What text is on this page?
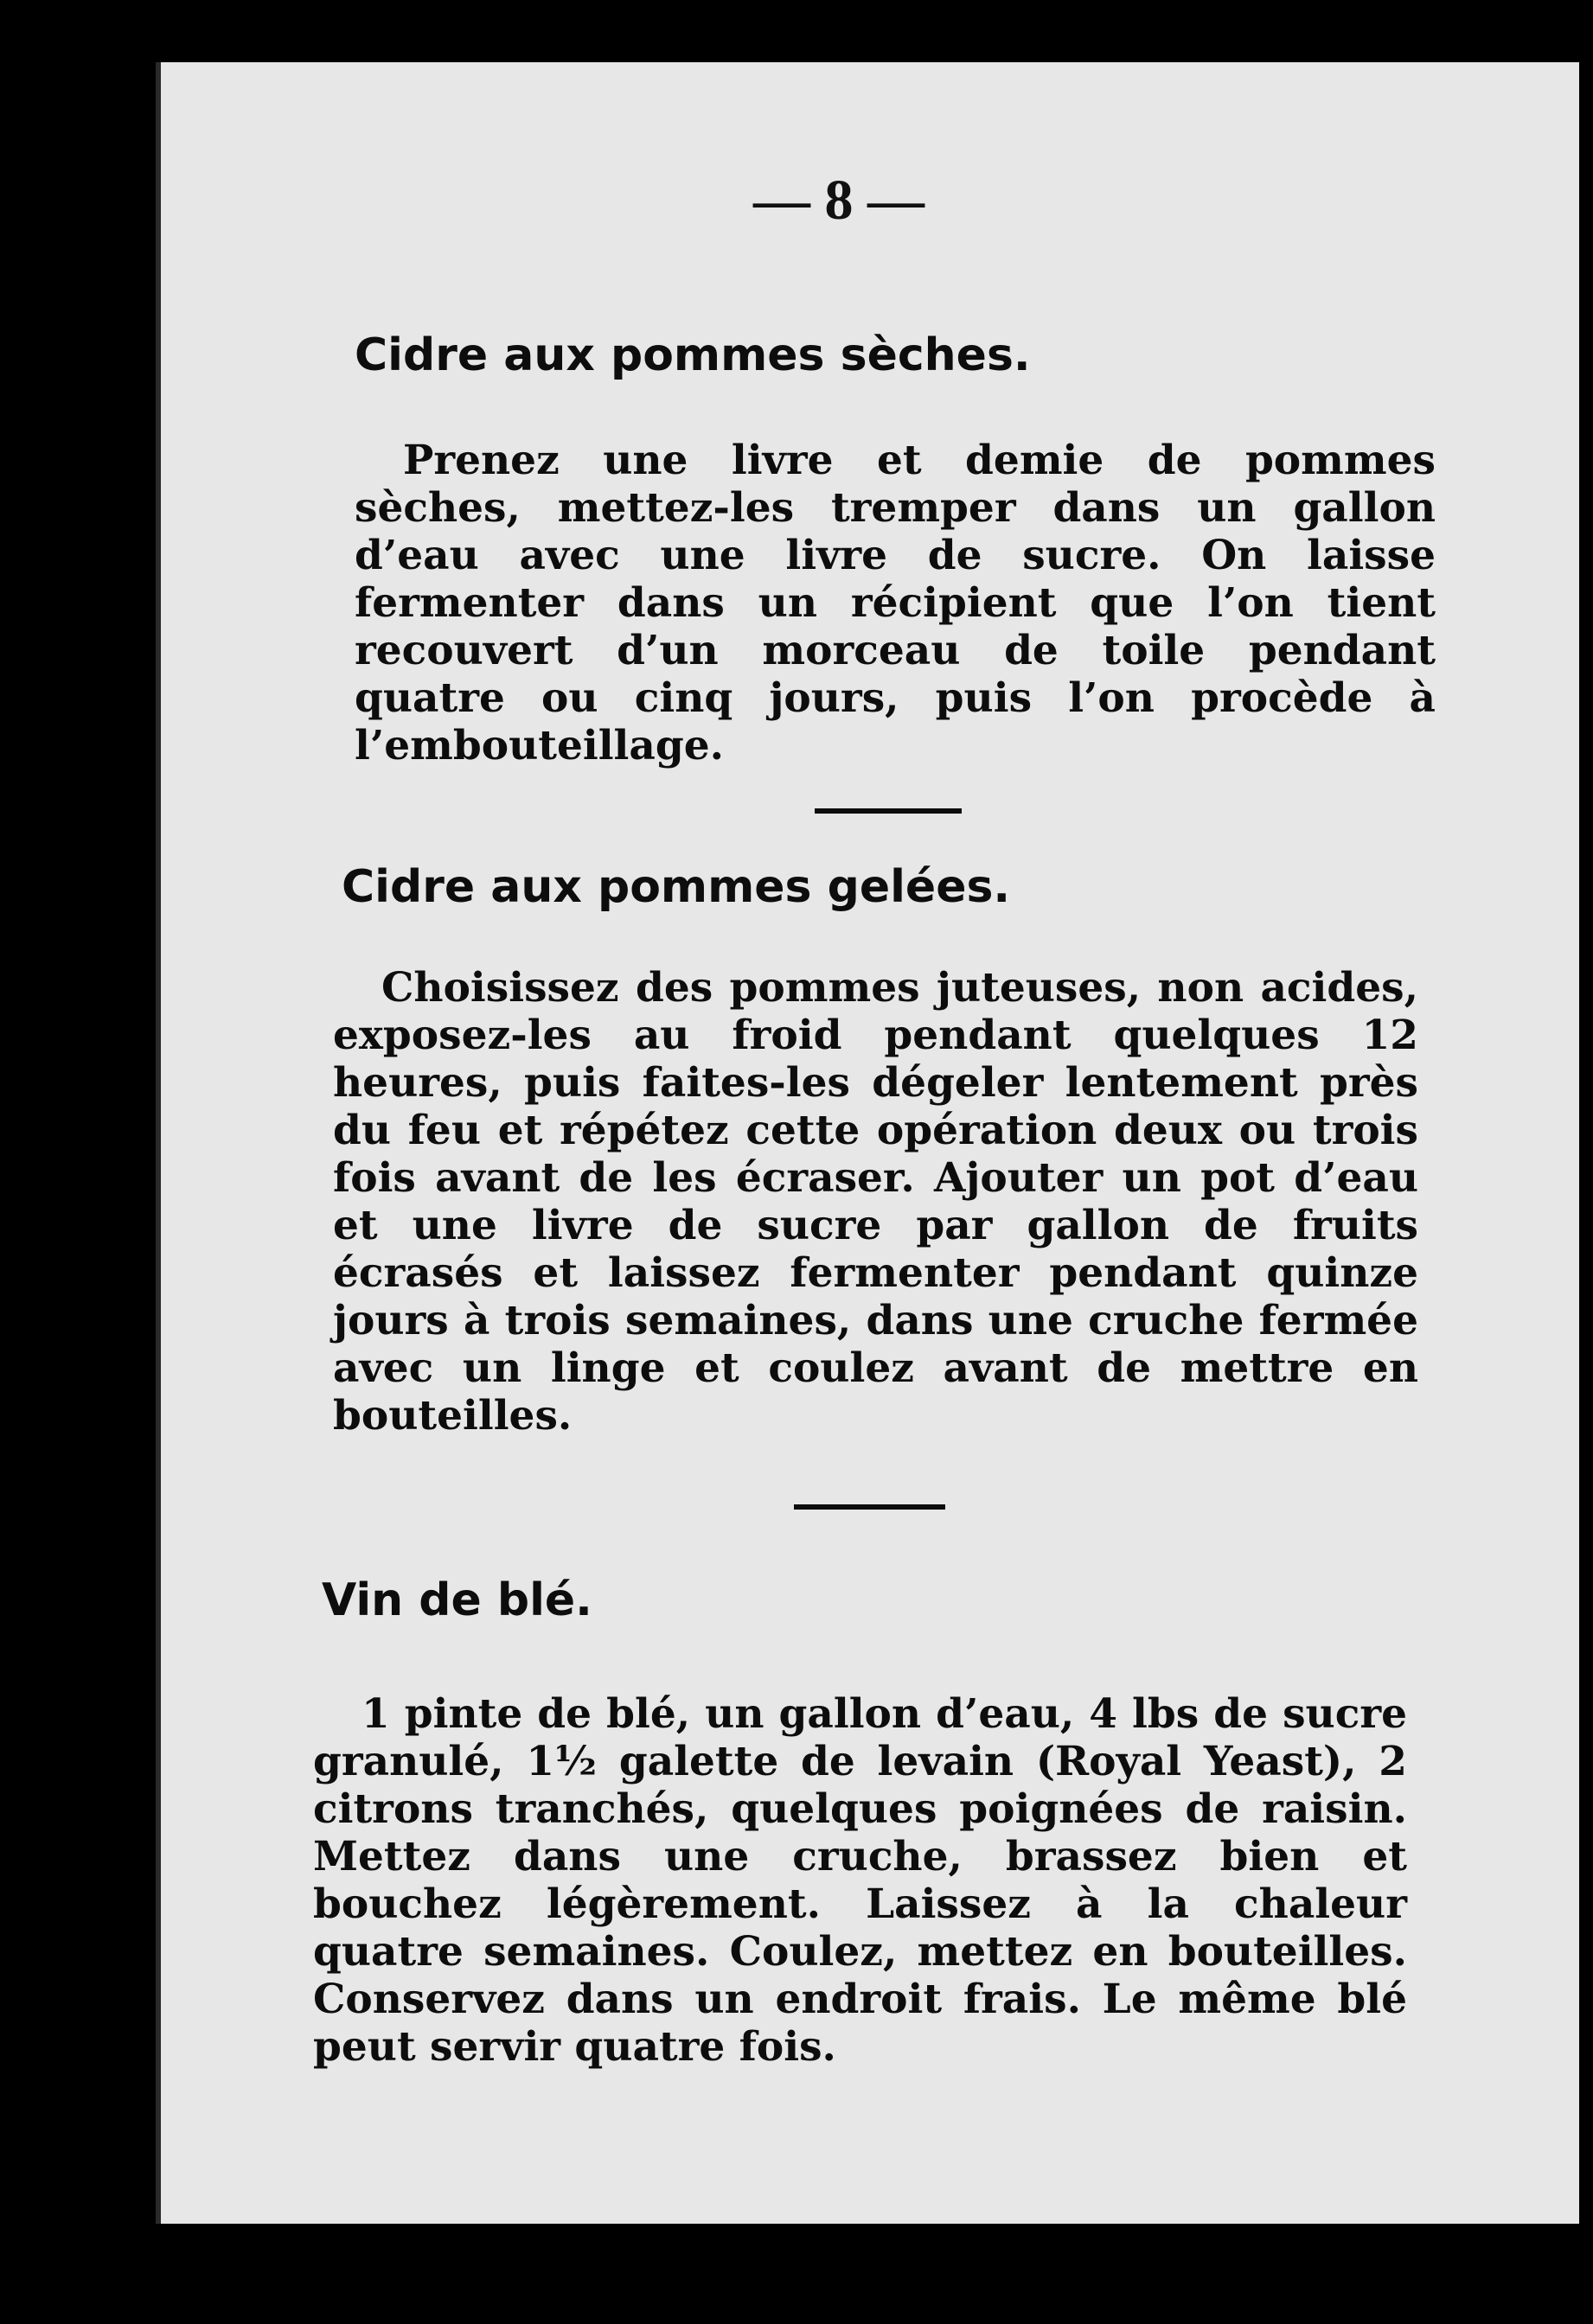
— 8 —

Cidre aux pommes sèches.

Prenez une livre et demie de pommes sèches, mettez-les tremper dans un gallon d’eau avec une livre de sucre. On laisse fermenter dans un récipient que l’on tient recouvert d’un morceau de toile pendant quatre ou cinq jours, puis l’on procède à l’embouteillage.

Cidre aux pommes gelées.

Choisissez des pommes juteuses, non acides, exposez-les au froid pendant quelques 12 heures, puis faites-les dégeler lentement près du feu et répétez cette opération deux ou trois fois avant de les écraser. Ajouter un pot d’eau et une livre de sucre par gallon de fruits écrasés et laissez fermenter pendant quinze jours à trois semaines, dans une cruche fermée avec un linge et coulez avant de mettre en bouteilles.

Vin de blé.

1 pinte de blé, un gallon d’eau, 4 lbs de sucre granulé, 1½ galette de levain (Royal Yeast), 2 citrons tranchés, quelques poignées de raisin. Mettez dans une cruche, brassez bien et bouchez légèrement. Laissez à la chaleur quatre semaines. Coulez, mettez en bouteilles. Conservez dans un endroit frais. Le même blé peut servir quatre fois.
